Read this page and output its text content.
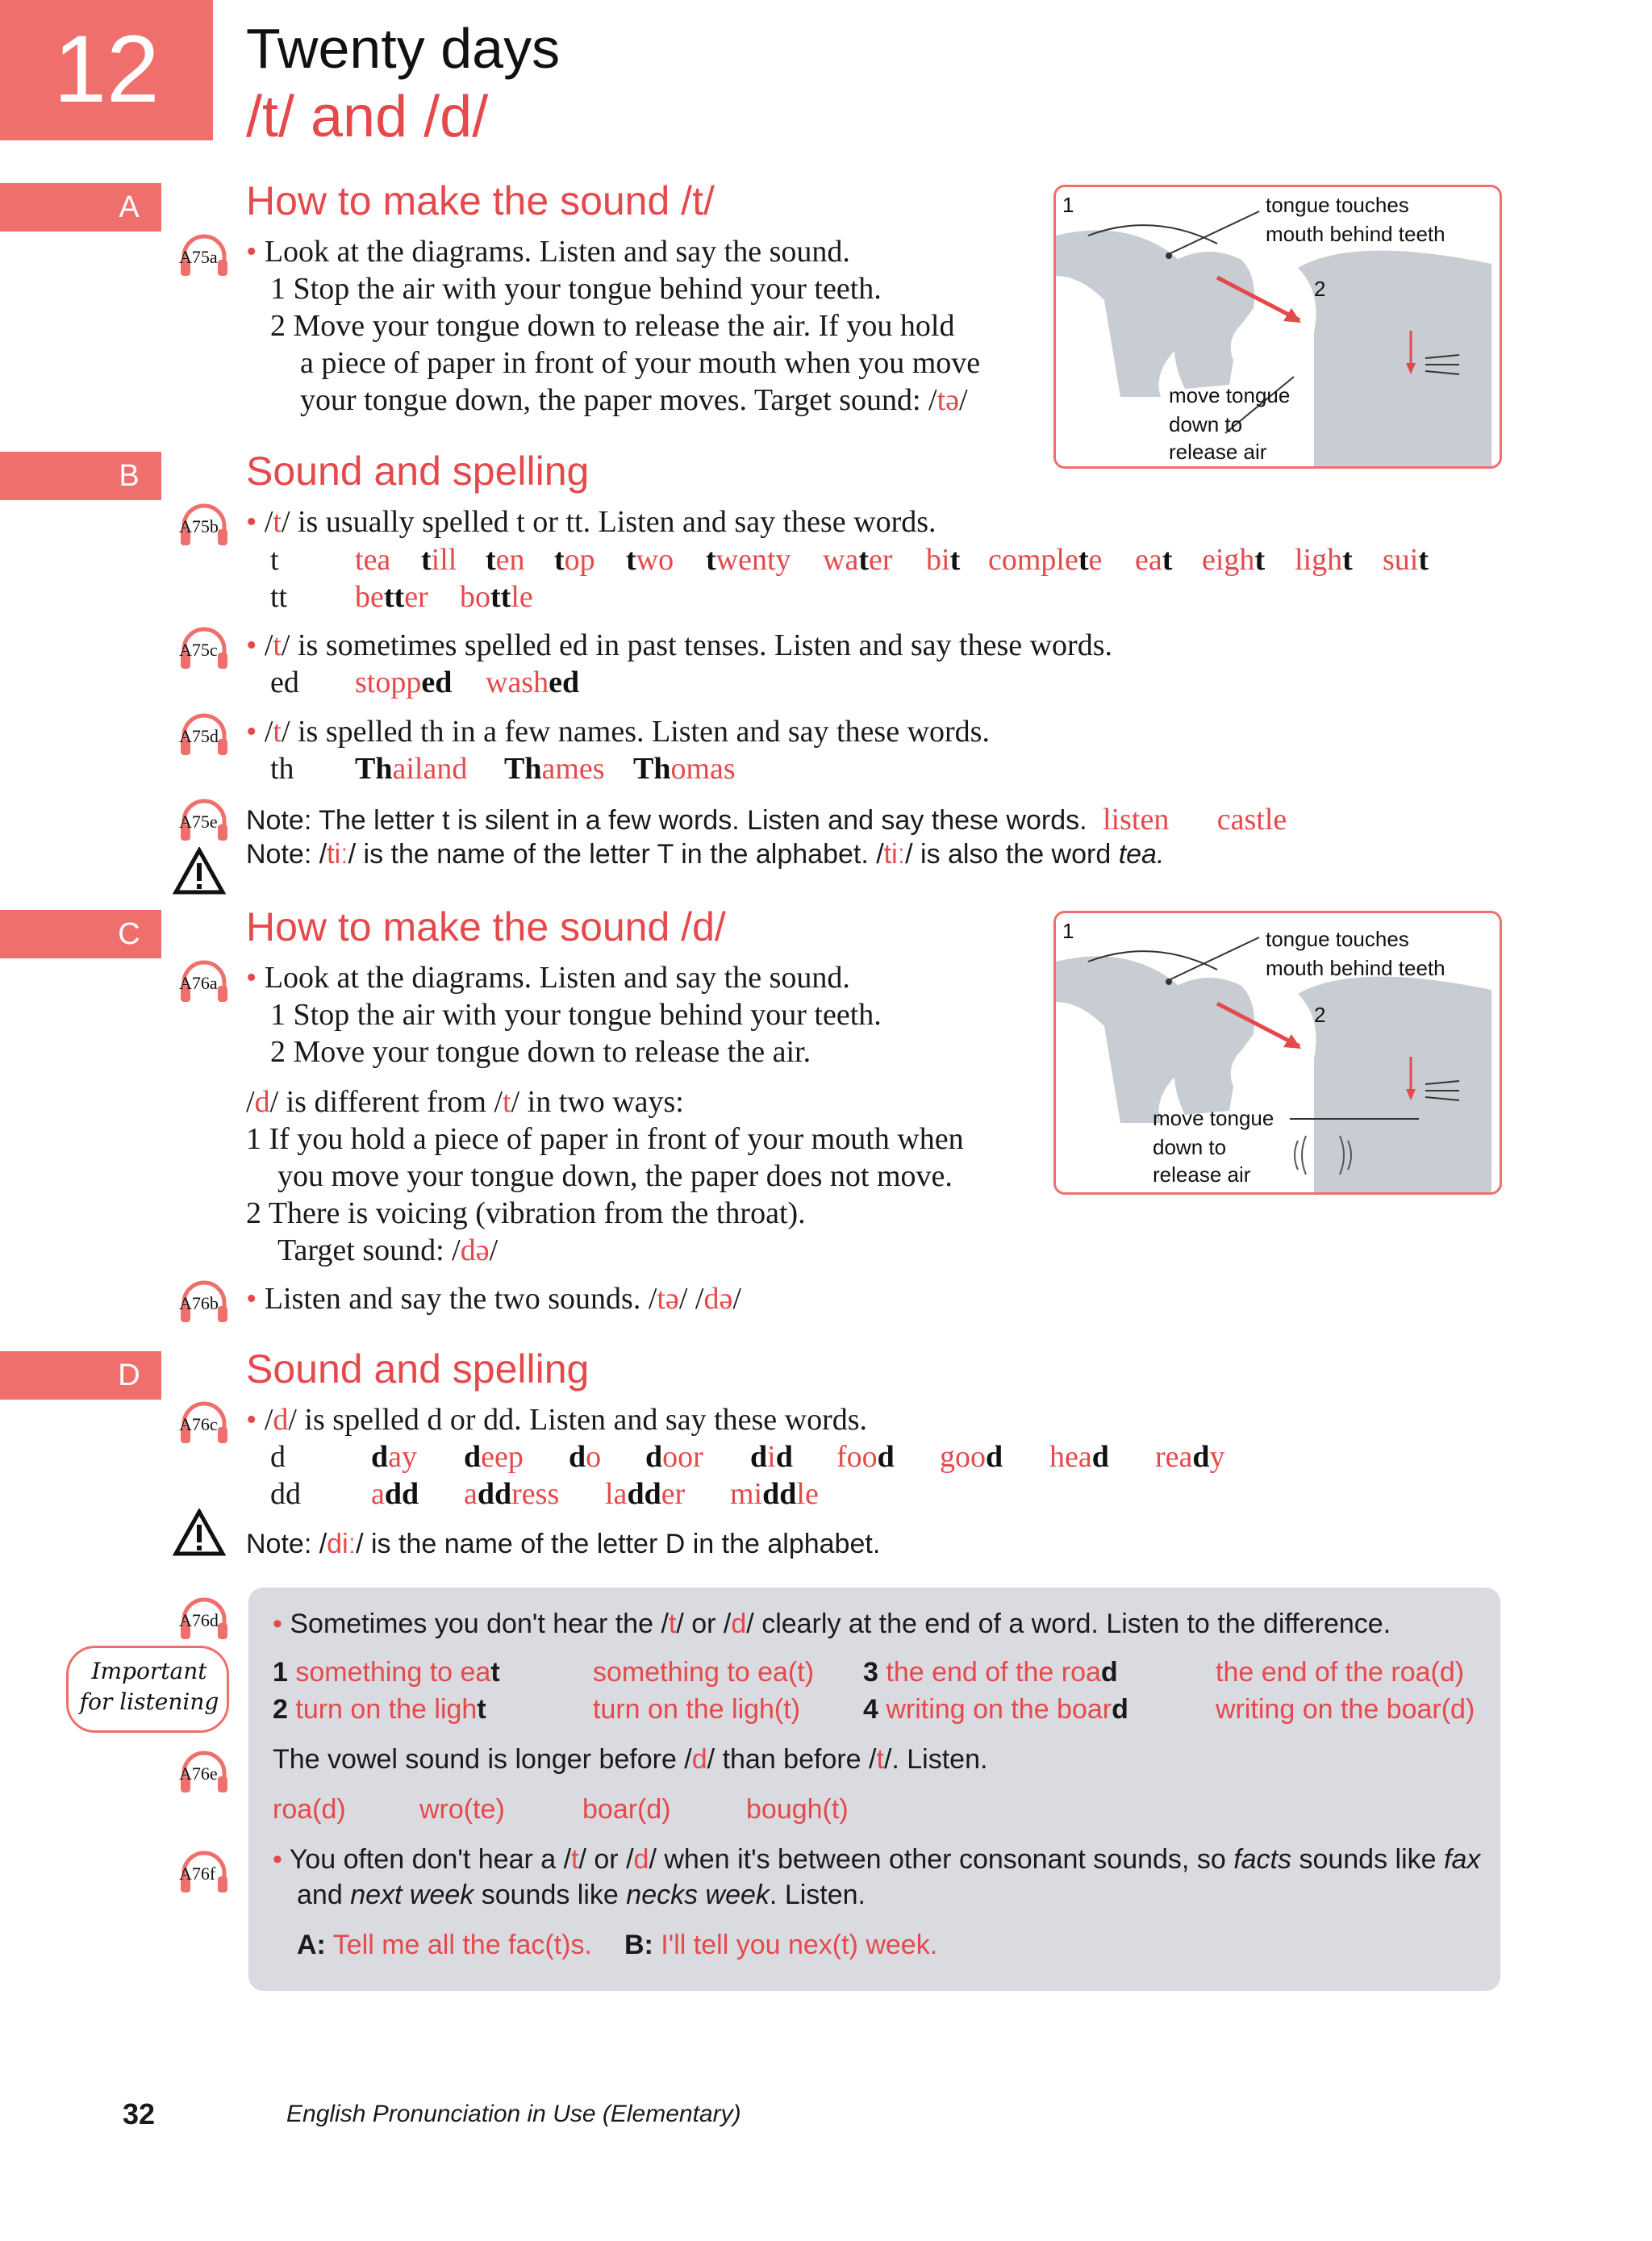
12	Twenty days
/t/ and /d/
A	How to make the sound /t/
A75a • Look at the diagrams. Listen and say the sound.
1 Stop the air with your tongue behind your teeth.
2 Move your tongue down to release the air. If you hold
a piece of paper in front of your mouth when you move
your tongue down, the paper moves. Target sound: /tə/
1
2
tongue touches
mouth behind teeth
move tongue
down to
release air
B	Sound and spelling
A75b • /t/ is usually spelled t or tt. Listen and say these words.
t tea till ten top two twenty water bit complete eat eight light suit
tt better bottle
A75c • /t/ is sometimes spelled ed in past tenses. Listen and say these words.
ed stopped washed
A75d • /t/ is spelled th in a few names. Listen and say these words.
th Thailand Thames Thomas
A75e Note: The letter t is silent in a few words. Listen and say these words. listen castle
Note: /tiː/ is the name of the letter T in the alphabet. /tiː/ is also the word tea.
C	How to make the sound /d/
A76a • Look at the diagrams. Listen and say the sound.
1 Stop the air with your tongue behind your teeth.
2 Move your tongue down to release the air.
/d/ is different from /t/ in two ways:
1 If you hold a piece of paper in front of your mouth when
you move your tongue down, the paper does not move.
2 There is voicing (vibration from the throat).
Target sound: /də/
A76b • Listen and say the two sounds. /tə/ /də/
1
2
tongue touches
mouth behind teeth
move tongue
down to
release air
D	Sound and spelling
A76c • /d/ is spelled d or dd. Listen and say these words.
d	day deep do door did food good head ready
dd add address ladder middle
Note: /diː/ is the name of the letter D in the alphabet.
Important for listening
A76d • Sometimes you don't hear the /t/ or /d/ clearly at the end of a word. Listen to the difference.
1 something to eat	something to ea(t) 3 the end of the road	the end of the roa(d)
2 turn on the light	turn on the ligh(t) 4 writing on the board	writing on the boar(d)
A76e The vowel sound is longer before /d/ than before /t/. Listen.
roa(d)	wro(te)	boar(d)	bough(t)
A76f • You often don't hear a /t/ or /d/ when it's between other consonant sounds, so facts sounds like fax
and next week sounds like necks week. Listen.
A: Tell me all the fac(t)s. B: I'll tell you nex(t) week.
32	English Pronunciation in Use (Elementary)
